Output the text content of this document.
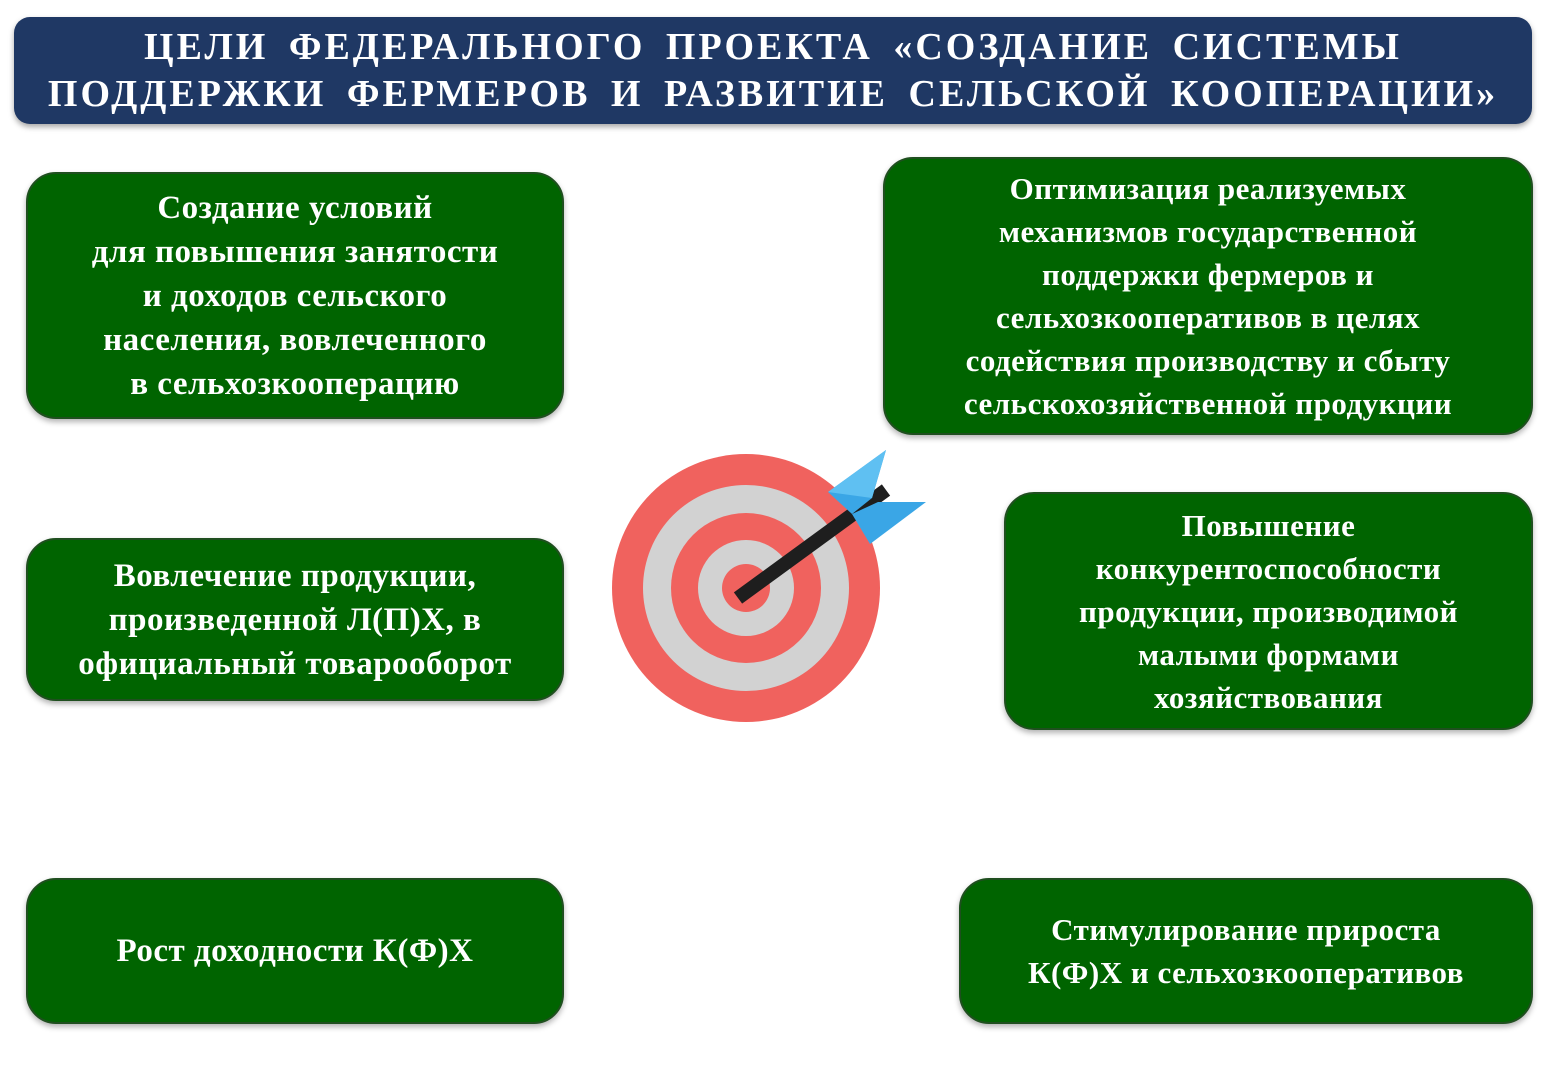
ЦЕЛИ ФЕДЕРАЛЬНОГО ПРОЕКТА «СОЗДАНИЕ СИСТЕМЫ
ПОДДЕРЖКИ ФЕРМЕРОВ И РАЗВИТИЕ СЕЛЬСКОЙ КООПЕРАЦИИ»
Создание условий
для повышения занятости
и доходов сельского
населения, вовлеченного
в сельхозкооперацию
Вовлечение продукции,
произведенной Л(П)Х, в
официальный товарооборот
Рост доходности К(Ф)Х
Оптимизация реализуемых
механизмов государственной
поддержки фермеров и
сельхозкооперативов в целях
содействия производству и сбыту
сельскохозяйственной продукции
Повышение
конкурентоспособности
продукции, производимой
малыми формами
хозяйствования
Стимулирование прироста
К(Ф)Х и сельхозкооперативов
